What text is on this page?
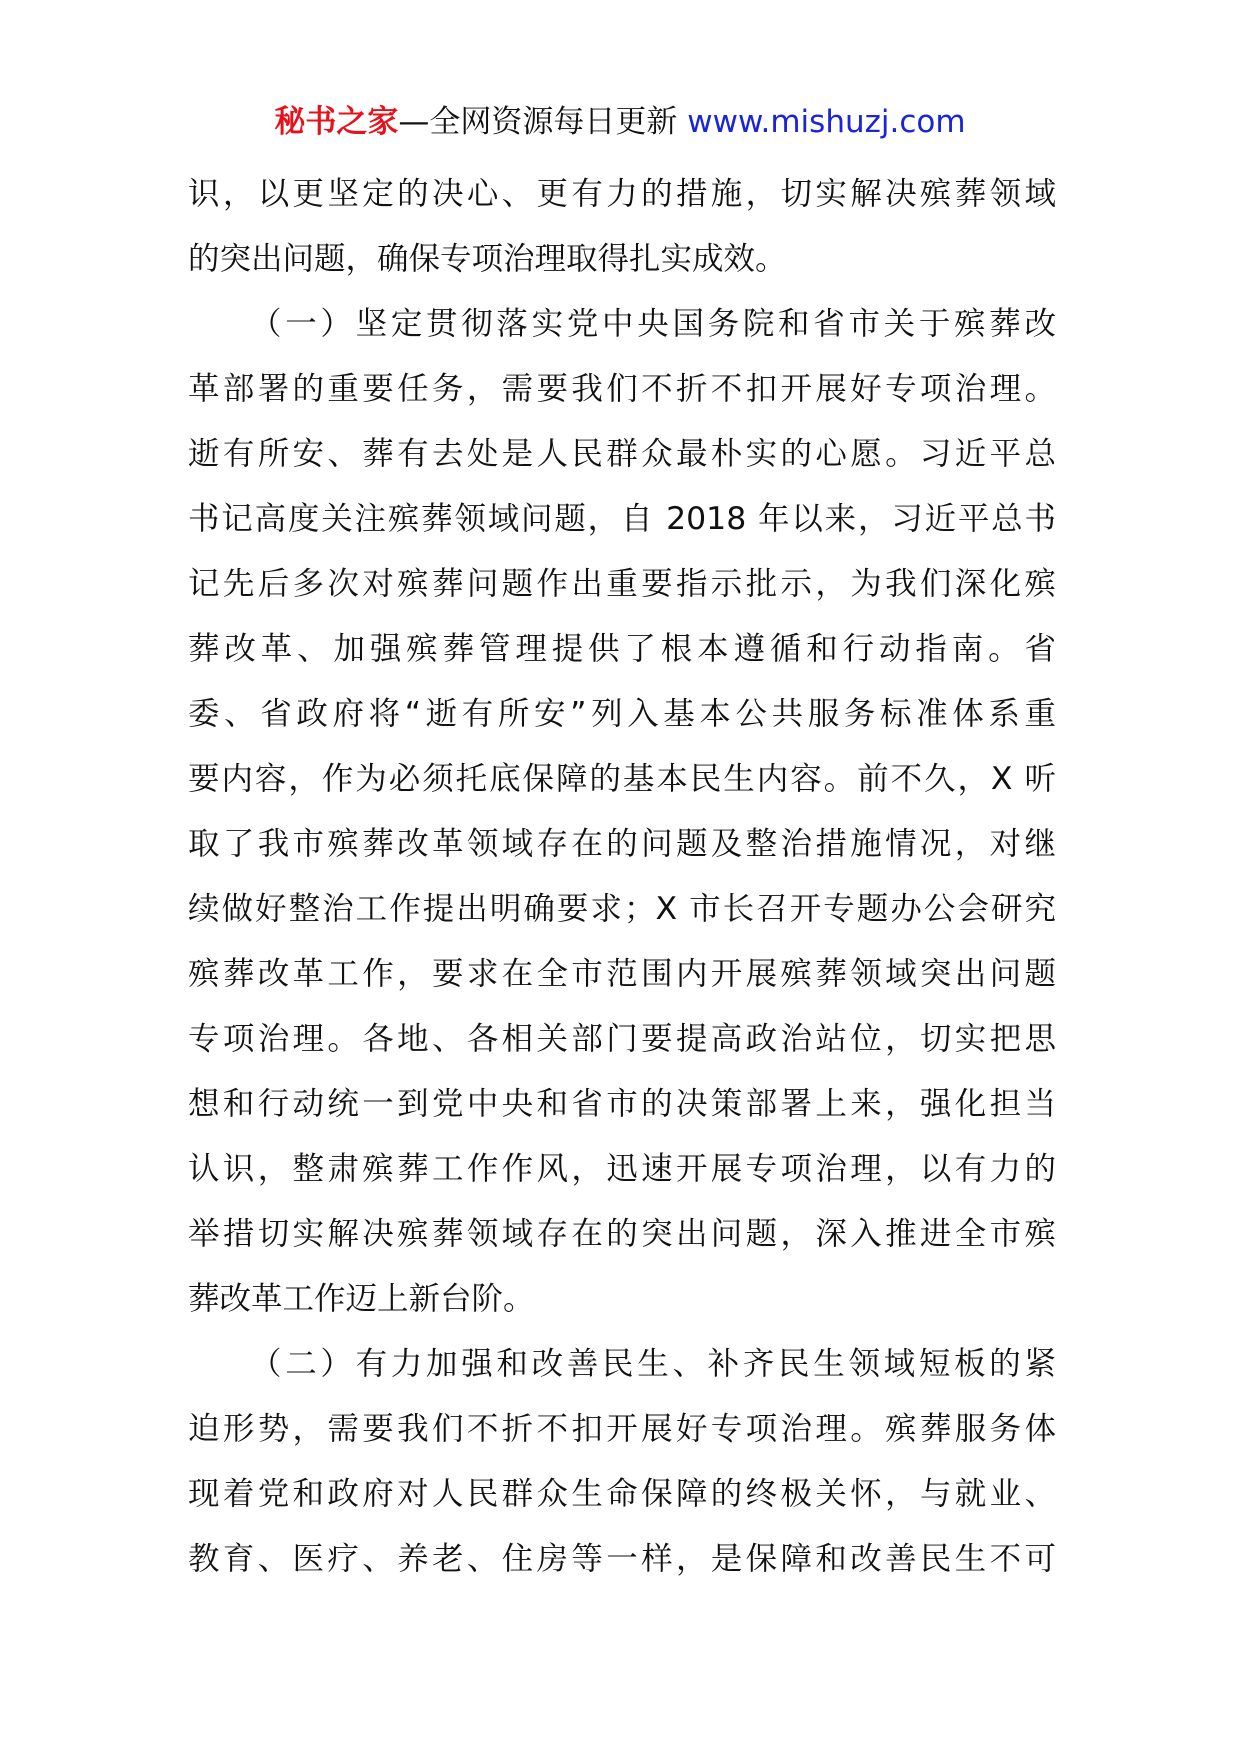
秘书之家—全网资源每日更新 www.mishuzj.com
识，以更坚定的决心、更有力的措施，切实解决殡葬领域
的突出问题，确保专项治理取得扎实成效。
（一）坚定贯彻落实党中央国务院和省市关于殡葬改
革部署的重要任务，需要我们不折不扣开展好专项治理。
逝有所安、葬有去处是人民群众最朴实的心愿。习近平总
书记高度关注殡葬领域问题，自 2018 年以来，习近平总书
记先后多次对殡葬问题作出重要指示批示，为我们深化殡
葬改革、加强殡葬管理提供了根本遵循和行动指南。省
委、省政府将“逝有所安”列入基本公共服务标准体系重
要内容，作为必须托底保障的基本民生内容。前不久，X 听
取了我市殡葬改革领域存在的问题及整治措施情况，对继
续做好整治工作提出明确要求；X 市长召开专题办公会研究
殡葬改革工作，要求在全市范围内开展殡葬领域突出问题
专项治理。各地、各相关部门要提高政治站位，切实把思
想和行动统一到党中央和省市的决策部署上来，强化担当
认识，整肃殡葬工作作风，迅速开展专项治理，以有力的
举措切实解决殡葬领域存在的突出问题，深入推进全市殡
葬改革工作迈上新台阶。
（二）有力加强和改善民生、补齐民生领域短板的紧
迫形势，需要我们不折不扣开展好专项治理。殡葬服务体
现着党和政府对人民群众生命保障的终极关怀，与就业、
教育、医疗、养老、住房等一样，是保障和改善民生不可
